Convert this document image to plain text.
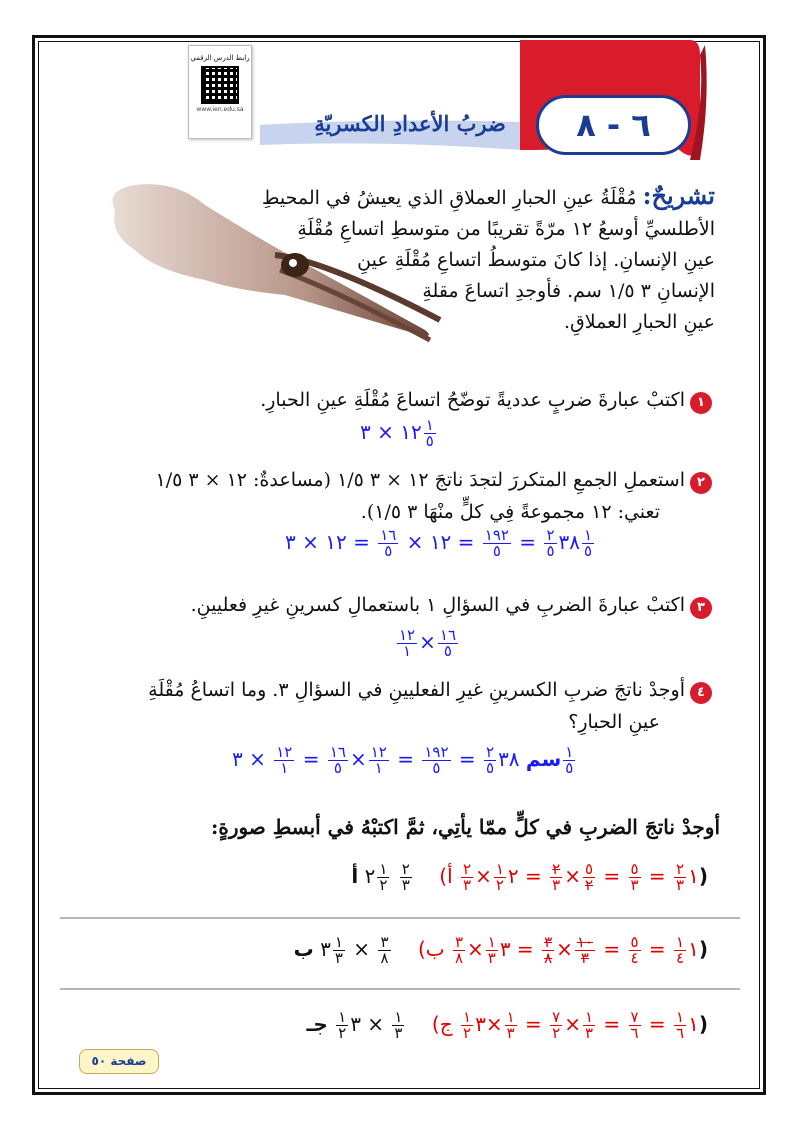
رابط الدرس الرقمي
www.ien.edu.sa
ضربُ الأعدادِ الكسريّةِ	٦ - ٨
تشريحٌ: مُقْلَةُ عينِ الحبارِ العملاقِ الذي يعيشُ في المحيطِ
الأطلسيِّ أوسعُ ١٢ مرّةً تقريبًا من متوسطِ اتساعِ مُقْلَةِ
عينِ الإنسانِ. إذا كانَ متوسطُ اتساعِ مُقْلَةِ عينِ
الإنسانِ ٣ ١/٥ سم. فأوجدِ اتساعَ مقلةِ
عينِ الحبارِ العملاقِ.
١
اكتبْ عبارةَ ضربٍ عدديةً توضّحُ اتساعَ مُقْلَةِ عينِ الحبارِ.
١٢ × ٣	$\frac{١}{٥}$
٢
استعملِ الجمعِ المتكررَ لتجدَ ناتجَ ١٢ × ٣ ١/٥ (مساعدةٌ: ١٢ × ٣ ١/٥
تعني: ١٢ مجموعةً فِي كلٍّ منْهَا ٣ ١/٥).
٣٨
$\frac{٢}{٥}$
=
$\frac{١٩٢}{٥}$
= ١٢ ×
$\frac{١٦}{٥}$
= ١٢ × ٣	$\frac{١}{٥}$
٣
اكتبْ عبارةَ الضربِ في السؤالِ ١ باستعمالِ كسرينِ غيرِ فعليينِ.
$\frac{١٢}{١} \times \frac{١٦}{٥}$
٤
أوجدْ ناتجَ ضربِ الكسرينِ غيرِ الفعليينِ في السؤالِ ٣. وما اتساعُ مُقْلَةِ
عينِ الحبارِ؟
سم ٣٨
$\frac{٢}{٥}$
=
$\frac{١٩٢}{٥}$
=
$\frac{١٢}{١}$
×
$\frac{١٦}{٥}$
=
$\frac{١٢}{١}$
× ٣	$\frac{١}{٥}$
أوجدْ ناتجَ الضربِ في كلٍّ ممّا يأتِي، ثمَّ اكتبْهُ في أبسطِ صورةٍ:
١
$\frac{٢}{٣}$
=
$\frac{٥}{٣}$
=
$\frac{٥}{٢}$
×
$\frac{٢}{٣}$
= ٢
$\frac{١}{٢}$
×
$\frac{٢}{٣}$
أ)
$\frac{٢}{٣}$

$\frac{١}{٢}$
٢ أ)
١
$\frac{١}{٤}$
=
$\frac{٥}{٤}$
=
$\frac{١٠}{٣}$
×
$\frac{٣}{٨}$
= ٣
$\frac{١}{٣}$
×
$\frac{٣}{٨}$
ب)
$\frac{٣}{٨}$
×
$\frac{١}{٣}$
٣ ب)
١
$\frac{١}{٦}$
=
$\frac{٧}{٦}$
=
$\frac{١}{٣}$
×
$\frac{٧}{٢}$
=
$\frac{١}{٣}$
×٣
$\frac{١}{٢}$
ج)
$\frac{١}{٣}$
× ٣
$\frac{١}{٢}$
جـ)
صفحة ٥٠
